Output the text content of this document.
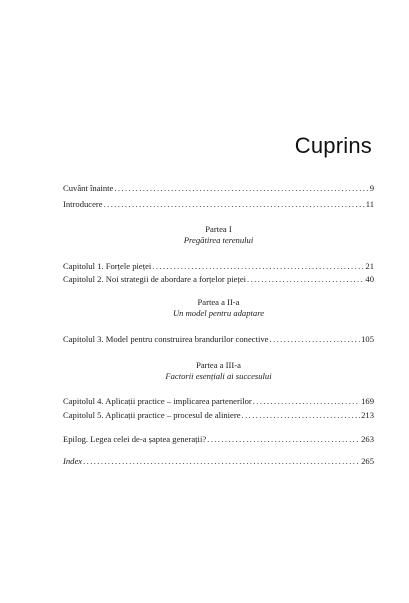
Cuprins
Cuvânt înainte .....	9
Introducere .....	11
Partea I
Pregătirea terenului
Capitolul 1. Forțele pieței .....	21
Capitolul 2. Noi strategii de abordare a forțelor pieței .....	40
Partea a II-a
Un model pentru adaptare
Capitolul 3. Model pentru construirea brandurilor conective .....	105
Partea a III-a
Factorii esențiali ai succesului
Capitolul 4. Aplicații practice – implicarea partenerilor .....	169
Capitolul 5. Aplicații practice – procesul de aliniere .....	213
Epilog. Legea celei de-a șaptea generații? .....	263
Index .....	265
